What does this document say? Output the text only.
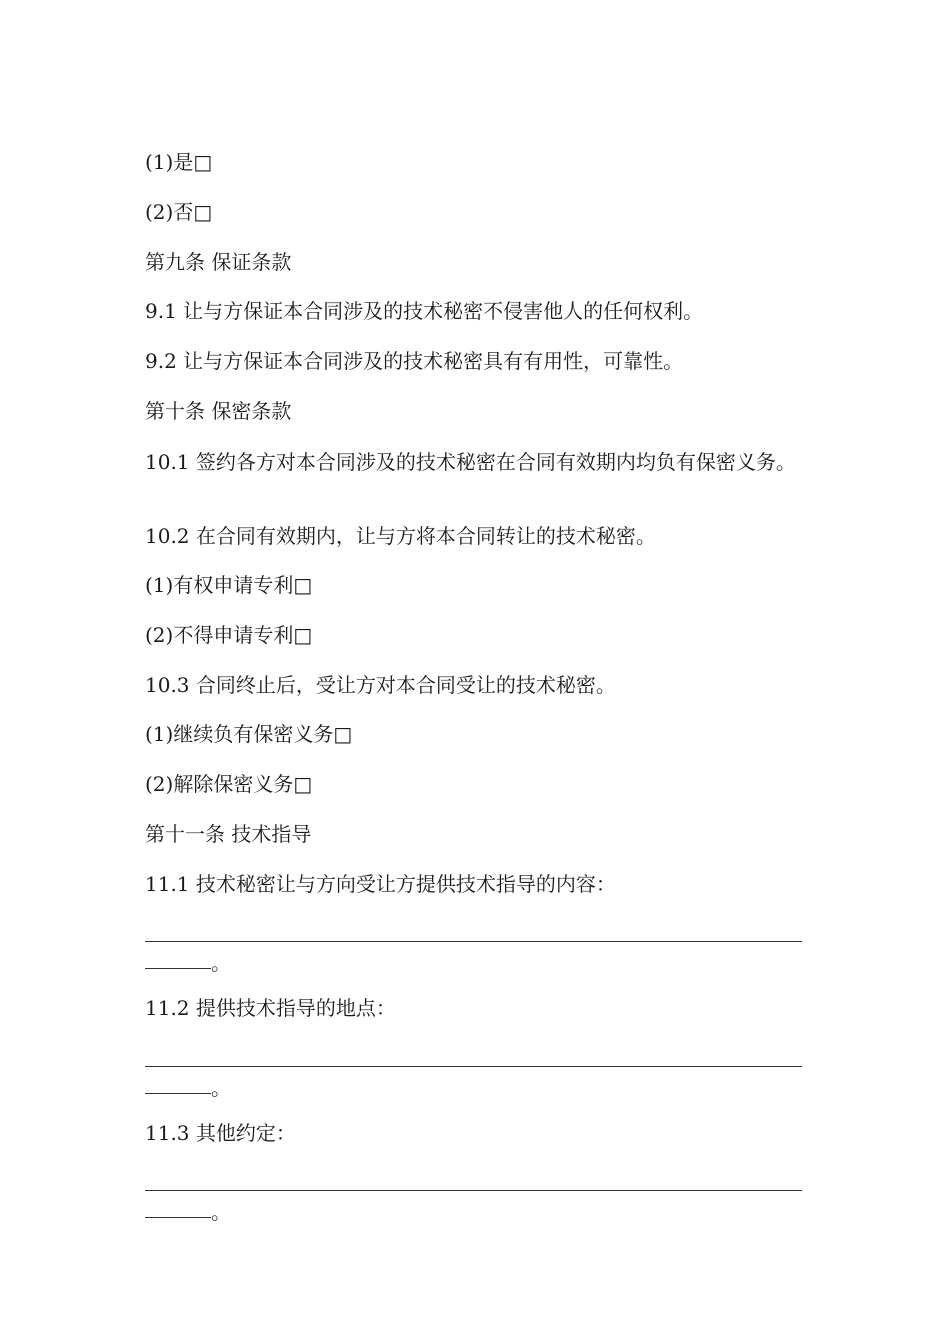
(1)是□
(2)否□
第九条 保证条款
9.1 让与方保证本合同涉及的技术秘密不侵害他人的任何权利。
9.2 让与方保证本合同涉及的技术秘密具有有用性，可靠性。
第十条 保密条款
10.1 签约各方对本合同涉及的技术秘密在合同有效期内均负有保密义务。
10.2 在合同有效期内，让与方将本合同转让的技术秘密。
(1)有权申请专利□
(2)不得申请专利□
10.3 合同终止后，受让方对本合同受让的技术秘密。
(1)继续负有保密义务□
(2)解除保密义务□
第十一条 技术指导
11.1 技术秘密让与方向受让方提供技术指导的内容：
。
11.2 提供技术指导的地点：
。
11.3 其他约定：
。
